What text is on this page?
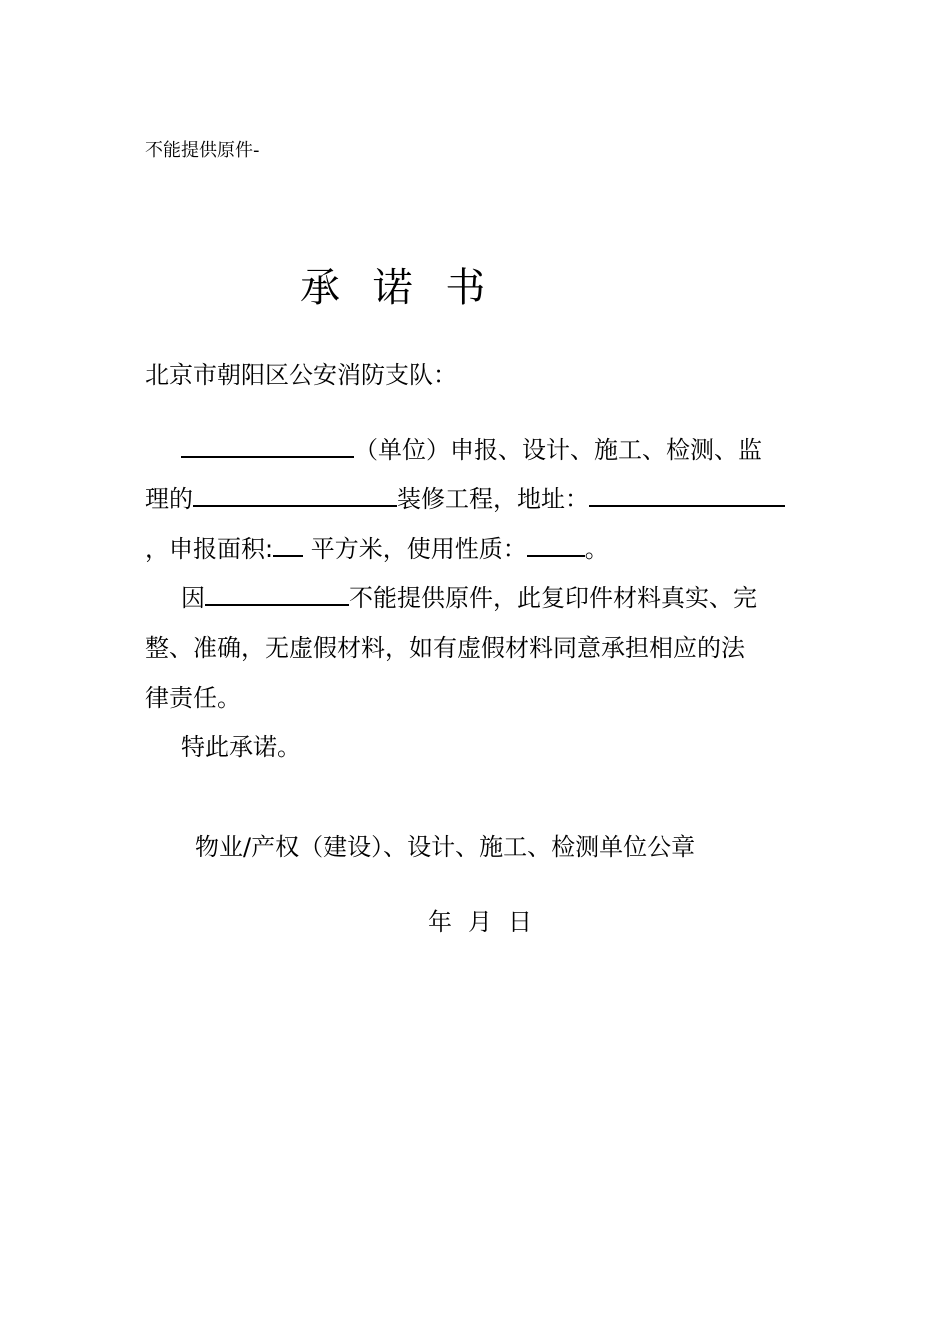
不能提供原件-
承 诺 书
北京市朝阳区公安消防支队：
（单位）申报、设计、施工、检测、监
理的	装修工程，地址：
，申报面积: 平方米，使用性质： 。
因	不能提供原件，此复印件材料真实、完
整、准确，无虚假材料，如有虚假材料同意承担相应的法
律责任。
特此承诺。
物业/产权（建设）、设计、施工、检测单位公章
年 月 日
